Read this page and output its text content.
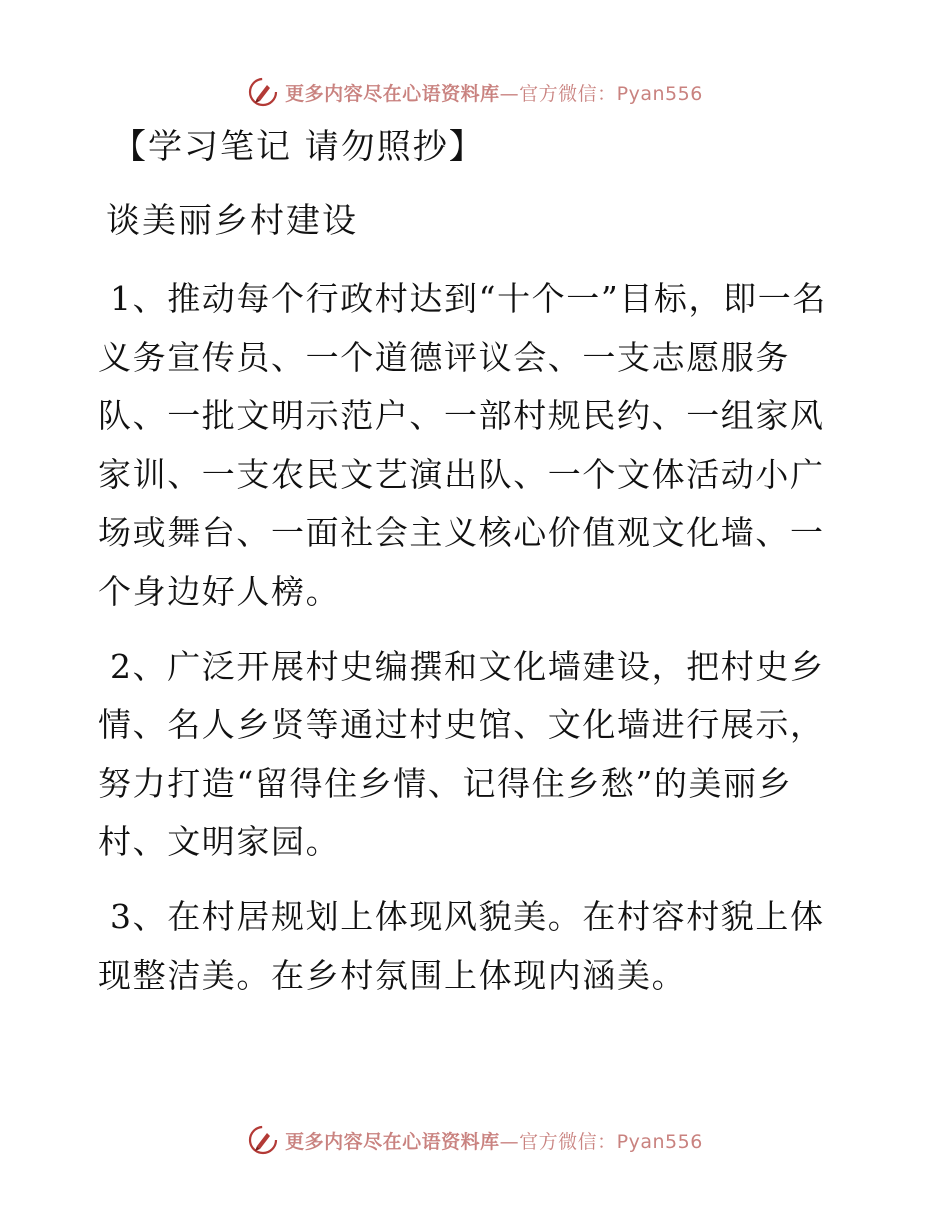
更多内容尽在心语资料库—官方微信：Pyan556
【学习笔记 请勿照抄】
谈美丽乡村建设

1、推动每个行政村达到“十个一”目标，即一名义务宣传员、一个道德评议会、一支志愿服务队、一批文明示范户、一部村规民约、一组家风家训、一支农民文艺演出队、一个文体活动小广场或舞台、一面社会主义核心价值观文化墙、一个身边好人榜。

2、广泛开展村史编撰和文化墙建设，把村史乡情、名人乡贤等通过村史馆、文化墙进行展示，努力打造“留得住乡情、记得住乡愁”的美丽乡村、文明家园。

3、在村居规划上体现风貌美。在村容村貌上体现整洁美。在乡村氛围上体现内涵美。

更多内容尽在心语资料库—官方微信：Pyan556
